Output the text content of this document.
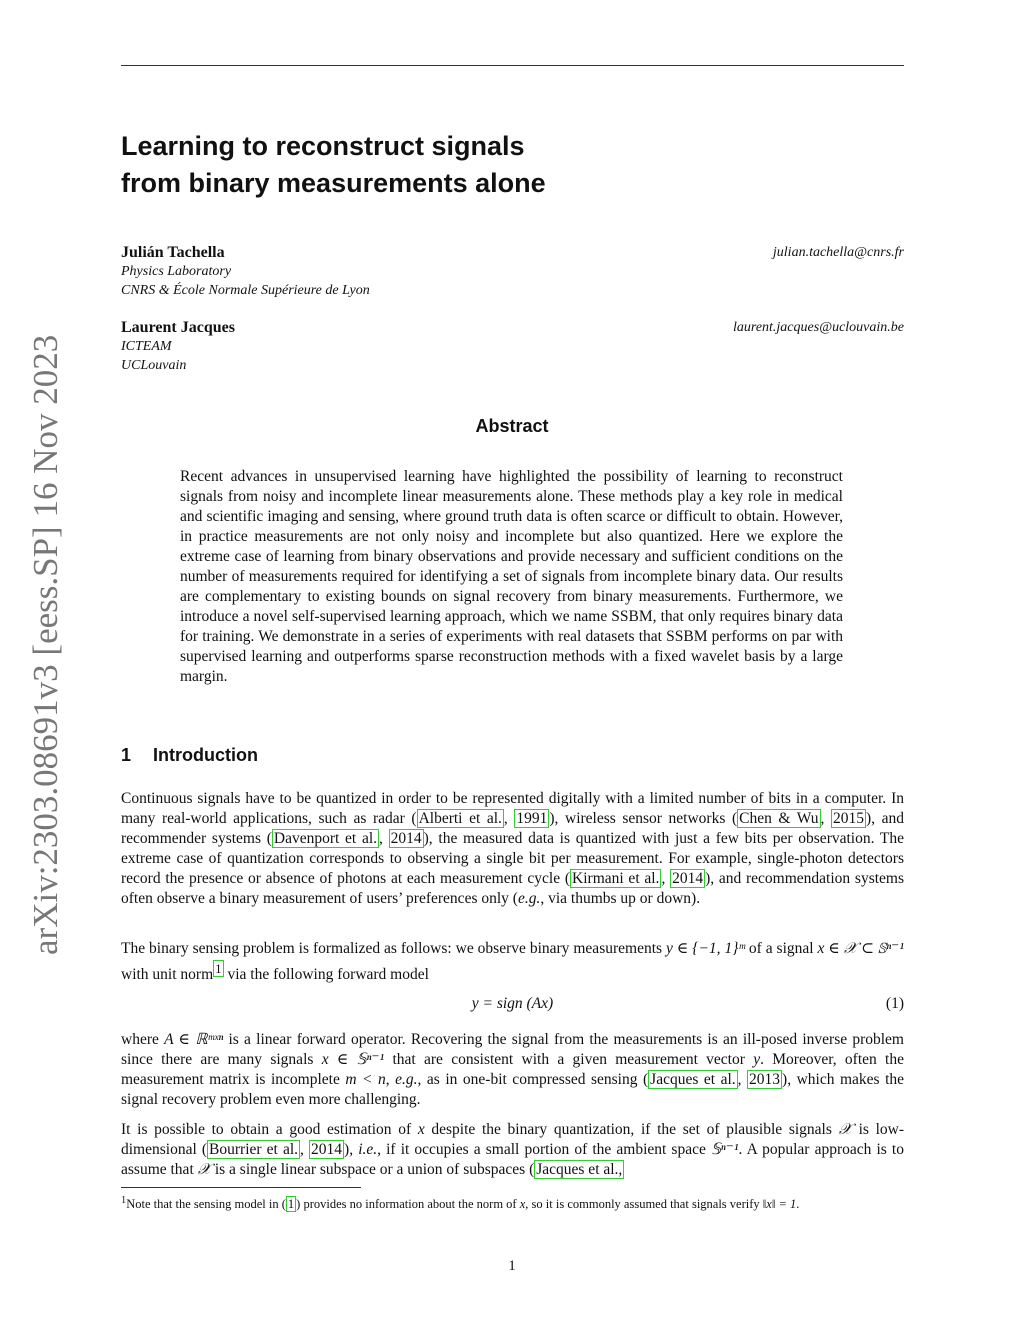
arXiv:2303.08691v3 [eess.SP] 16 Nov 2023
Learning to reconstruct signals
from binary measurements alone
Julián Tachella
Physics Laboratory
CNRS & École Normale Supérieure de Lyon
julian.tachella@cnrs.fr
Laurent Jacques
ICTEAM
UCLouvain
laurent.jacques@uclouvain.be
Abstract

Recent advances in unsupervised learning have highlighted the possibility of learning to reconstruct signals from noisy and incomplete linear measurements alone. These methods play a key role in medical and scientific imaging and sensing, where ground truth data is often scarce or difficult to obtain. However, in practice measurements are not only noisy and incomplete but also quantized. Here we explore the extreme case of learning from binary observations and provide necessary and sufficient conditions on the number of measurements required for identifying a set of signals from incomplete binary data. Our results are complementary to existing bounds on signal recovery from binary measurements. Furthermore, we introduce a novel self-supervised learning approach, which we name SSBM, that only requires binary data for training. We demonstrate in a series of experiments with real datasets that SSBM performs on par with supervised learning and outperforms sparse reconstruction methods with a fixed wavelet basis by a large margin.

1 Introduction

Continuous signals have to be quantized in order to be represented digitally with a limited number of bits in a computer. In many real-world applications, such as radar ( Alberti et al. , 1991 ), wireless sensor networks ( Chen & Wu , 2015 ), and recommender systems ( Davenport et al. , 2014 ), the measured data is quantized with just a few bits per observation. The extreme case of quantization corresponds to observing a single bit per measurement. For example, single-photon detectors record the presence or absence of photons at each measurement cycle ( Kirmani et al. , 2014 ), and recommendation systems often observe a binary measurement of users’ preferences only (e.g., via thumbs up or down).

The binary sensing problem is formalized as follows: we observe binary measurements y ∈ {−1, 1}ᵐ of a signal x ∈ 𝒳 ⊂ 𝕊ⁿ⁻¹ with unit norm $^1$ via the following forward model

y = sign (Ax)	(1)

where A ∈ ℝᵐˣⁿ is a linear forward operator. Recovering the signal from the measurements is an ill-posed inverse problem since there are many signals x ∈ 𝕊ⁿ⁻¹ that are consistent with a given measurement vector y. Moreover, often the measurement matrix is incomplete m < n, e.g., as in one-bit compressed sensing ( Jacques et al. , 2013 ), which makes the signal recovery problem even more challenging.

It is possible to obtain a good estimation of x despite the binary quantization, if the set of plausible signals 𝒳 is low-dimensional ( Bourrier et al. , 2014 ), i.e., if it occupies a small portion of the ambient space 𝕊ⁿ⁻¹. A popular approach is to assume that 𝒳 is a single linear subspace or a union of subspaces ( Jacques et al.,

$^1$Note that the sensing model in ( 1 ) provides no information about the norm of x, so it is commonly assumed that signals verify ‖x‖ = 1.

1
